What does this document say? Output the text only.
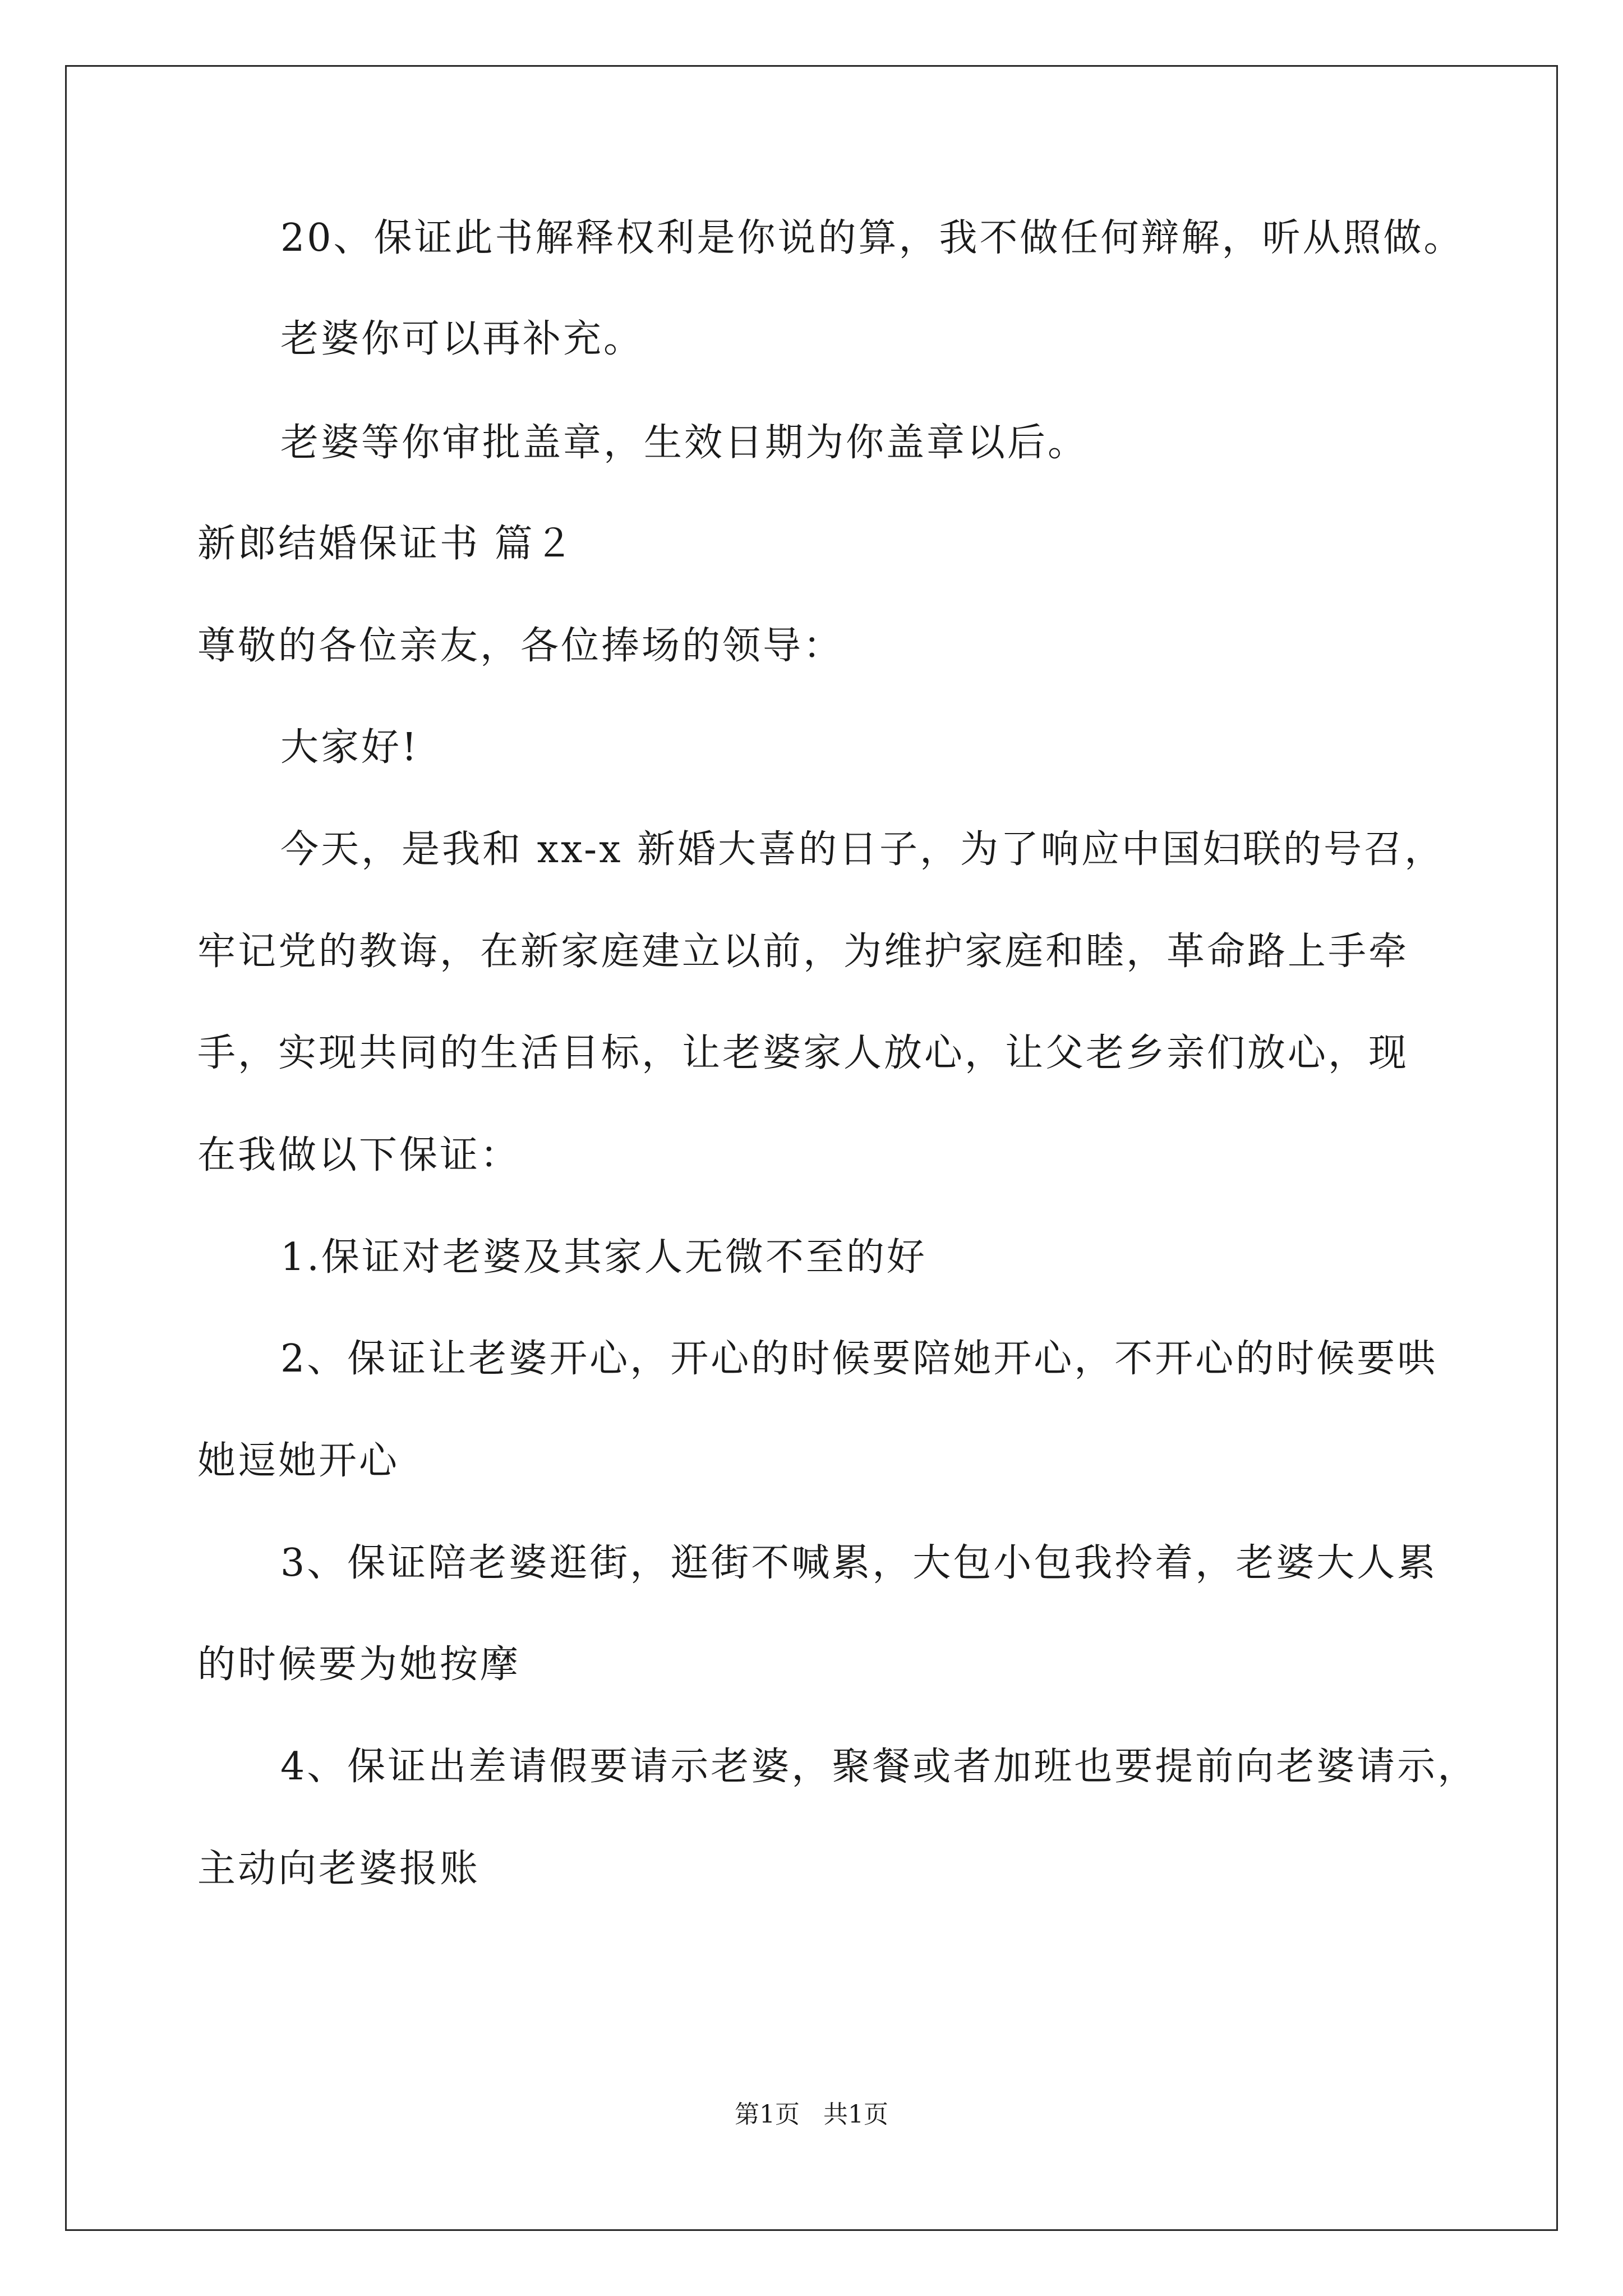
20、保证此书解释权利是你说的算，我不做任何辩解，听从照做。
老婆你可以再补充。
老婆等你审批盖章，生效日期为你盖章以后。
新郎结婚保证书 篇２
尊敬的各位亲友，各位捧场的领导：
大家好!
今天，是我和 xx-x 新婚大喜的日子，为了响应中国妇联的号召，
牢记党的教诲，在新家庭建立以前，为维护家庭和睦，革命路上手牵
手，实现共同的生活目标，让老婆家人放心，让父老乡亲们放心，现
在我做以下保证：
1.保证对老婆及其家人无微不至的好
2、保证让老婆开心，开心的时候要陪她开心，不开心的时候要哄
她逗她开心
3、保证陪老婆逛街，逛街不喊累，大包小包我拎着，老婆大人累
的时候要为她按摩
4、保证出差请假要请示老婆，聚餐或者加班也要提前向老婆请示，
主动向老婆报账
第1页 共1页
